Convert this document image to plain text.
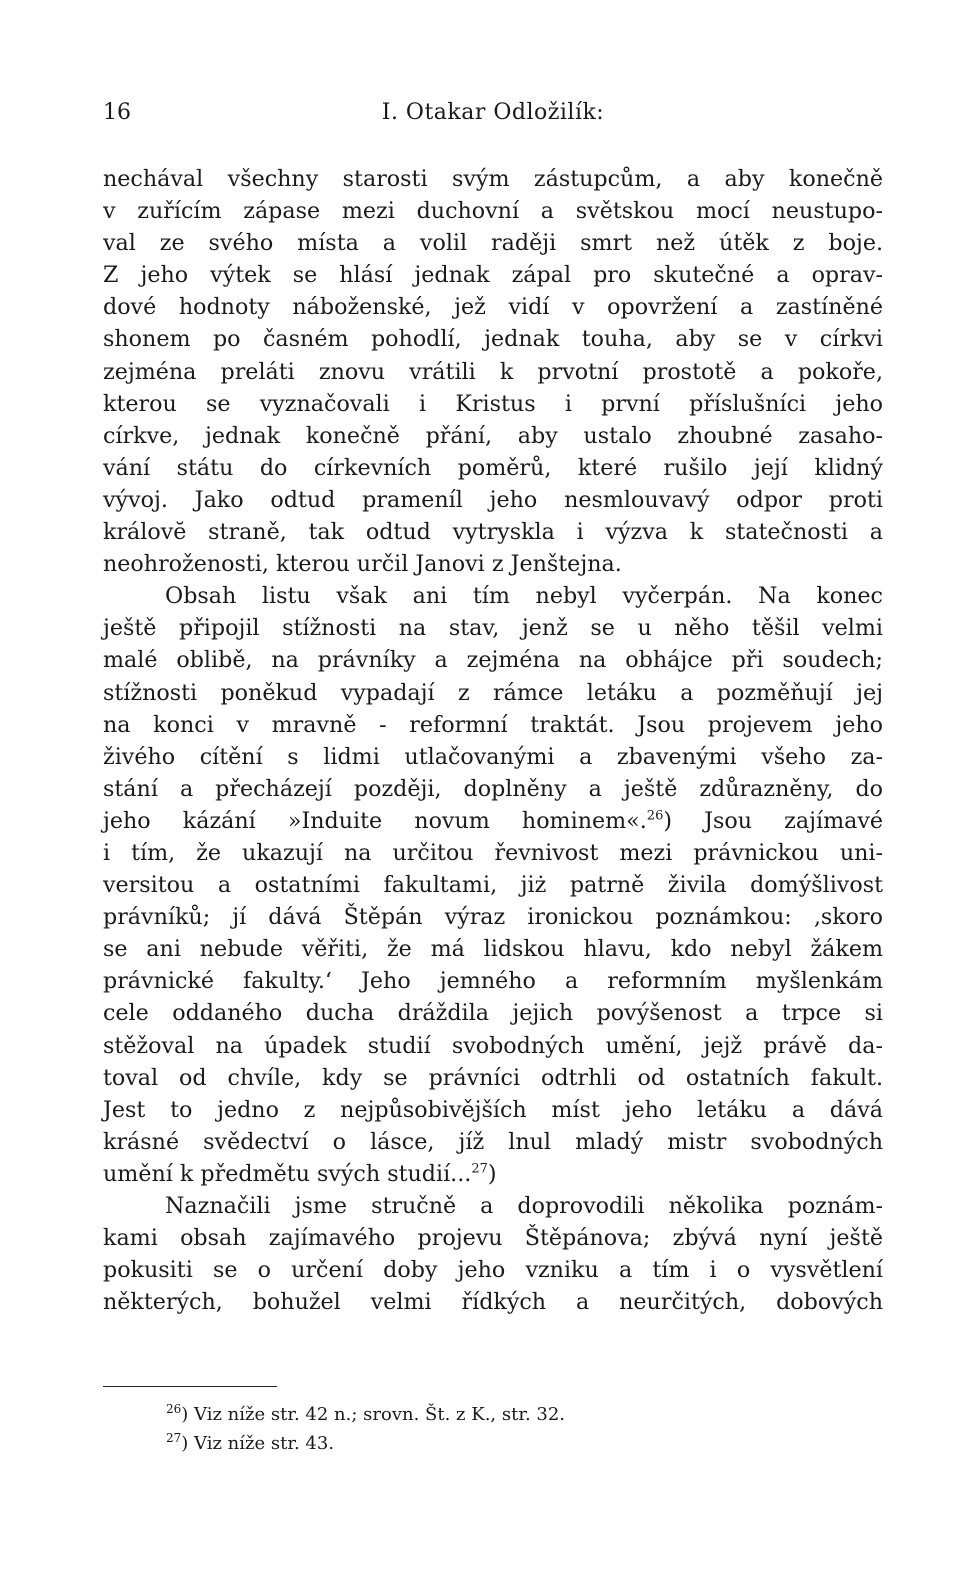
16	I. Otakar Odložilík:
nechával všechny starosti svým zástupcům, a aby konečně
v zuřícím zápase mezi duchovní a světskou mocí neustupo-
val ze svého místa a volil raději smrt než útěk z boje.
Z jeho výtek se hlásí jednak zápal pro skutečné a oprav-
dové hodnoty náboženské, jež vidí v opovržení a zastíněné
shonem po časném pohodlí, jednak touha, aby se v církvi
zejména preláti znovu vrátili k prvotní prostotě a pokoře,
kterou se vyznačovali i Kristus i první příslušníci jeho
církve, jednak konečně přání, aby ustalo zhoubné zasaho-
vání státu do církevních poměrů, které rušilo její klidný
vývoj. Jako odtud prameníl jeho nesmlouvavý odpor proti
královĕ straně, tak odtud vytryskla i výzva k statečnosti a
neohroženosti, kterou určil Janovi z Jenštejna.
Obsah listu však ani tím nebyl vyčerpán. Na konec
ještě připojil stížnosti na stav, jenž se u něho těšil velmi
malé oblibě, na právníky a zejména na obhájce při soudech;
stížnosti poněkud vypadají z rámce letáku a pozměňují jej
na konci v mravně - reformní traktát. Jsou projevem jeho
živého cítění s lidmi utlačovanými a zbavenými všeho za-
stání a přecházejí později, doplněny a ještě zdůrazněny, do
jeho kázání »Induite novum hominem«.$^{26}$) Jsou zajímavé
i tím, že ukazují na určitou řevnivost mezi právnickou uni-
versitou a ostatními fakultami, jiż patrně živila domýšlivost
právníků; jí dává Štěpán výraz ironickou poznámkou: ‚skoro
se ani nebude věřiti, že má lidskou hlavu, kdo nebyl žákem
právnické fakulty.‘ Jeho jemného a reformním myšlenkám
cele oddaného ducha dráždila jejich povýšenost a trpce si
stěžoval na úpadek studií svobodných umění, jejž právě da-
toval od chvíle, kdy se právníci odtrhli od ostatních fakult.
Jest to jedno z nejpůsobivějších míst jeho letáku a dává
krásné svědectví o lásce, jíž lnul mladý mistr svobodných
umění k předmětu svých studií...$^{27}$)
Naznačili jsme stručně a doprovodili několika poznám-
kami obsah zajímavého projevu Štěpánova; zbývá nyní ještě
pokusiti se o určení doby jeho vzniku a tím i o vysvětlení
některých, bohužel velmi řídkých a neurčitých, dobových
$^{26}$) Viz níže str. 42 n.; srovn. Št. z K., str. 32.
$^{27}$) Viz níže str. 43.
